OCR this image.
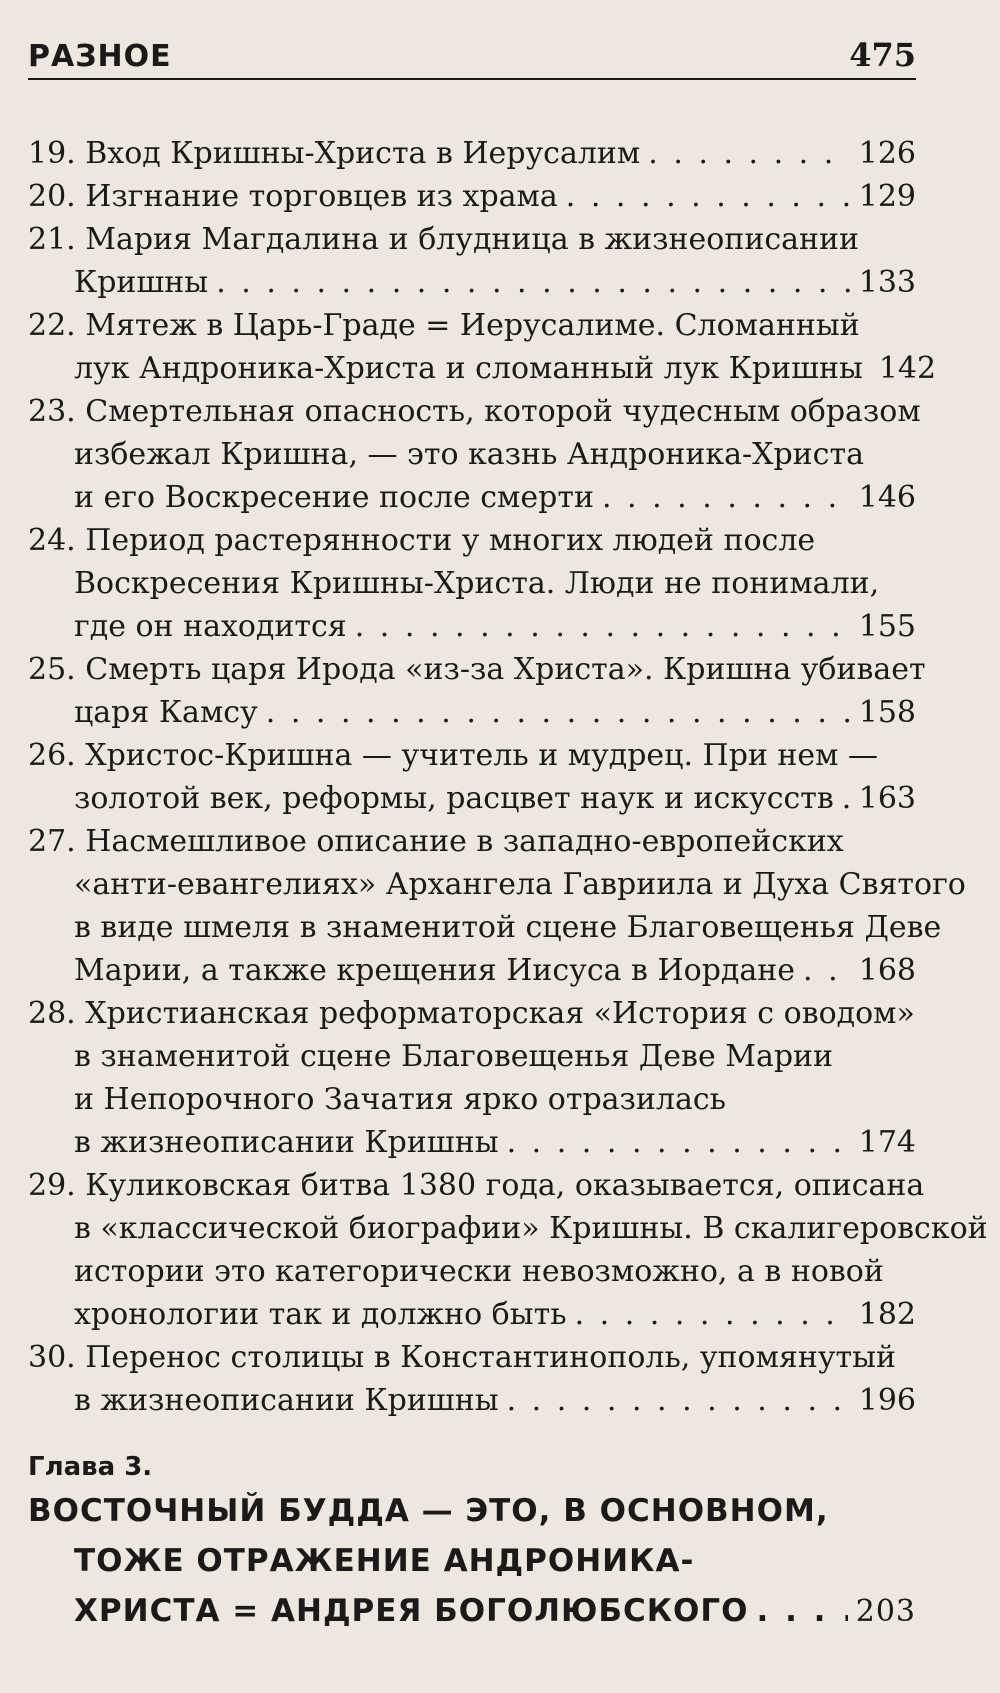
РАЗНОЕ	475
19. Вход Кришны-Христа в Иерусалим . . .	126
20. Изгнание торговцев из храма . . .	129
21. Мария Магдалина и блудница в жизнеописании
Кришны . . .	133
22. Мятеж в Царь-Граде = Иерусалиме. Сломанный
лук Андроника-Христа и сломанный лук Кришны 142
23. Смертельная опасность, которой чудесным образом
избежал Кришна, — это казнь Андроника-Христа
и его Воскресение после смерти . . .	146
24. Период растерянности у многих людей после
Воскресения Кришны-Христа. Люди не понимали,
где он находится . . .	155
25. Смерть царя Ирода «из-за Христа». Кришна убивает
царя Камсу . . .	158
26. Христос-Кришна — учитель и мудрец. При нем —
золотой век, реформы, расцвет наук и искусств . . . 163
27. Насмешливое описание в западно-европейских
«анти-евангелиях» Архангела Гавриила и Духа Святого
в виде шмеля в знаменитой сцене Благовещенья Деве
Марии, а также крещения Иисуса в Иордане . . . 168
28. Христианская реформаторская «История с оводом»
в знаменитой сцене Благовещенья Деве Марии
и Непорочного Зачатия ярко отразилась
в жизнеописании Кришны . . .	174
29. Куликовская битва 1380 года, оказывается, описана
в «классической биографии» Кришны. В скалигеровской
истории это категорически невозможно, а в новой
хронологии так и должно быть . . .	182
30. Перенос столицы в Константинополь, упомянутый
в жизнеописании Кришны . . .	196
Глава 3.
ВОСТОЧНЫЙ БУДДА — ЭТО, В ОСНОВНОМ,
ТОЖЕ ОТРАЖЕНИЕ АНДРОНИКА-
ХРИСТА = АНДРЕЯ БОГОЛЮБСКОГО . . .	203
